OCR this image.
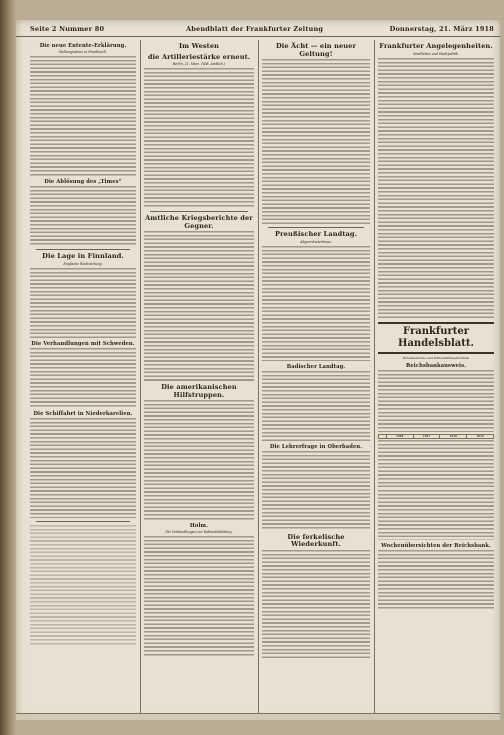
Seite 2 Nummer 80	Abendblatt der Frankfurter Zeitung	Donnerstag, 21. März 1918
Die neue Entente-Erklärung.
Stellungnahme in Frankreich.
Die Ablösung des „Times“
Die Lage in Finnland.
Englische Rückwirkung.
Die Verhandlungen mit Schweden.
Die Schiffahrt in Niederkarelien.
Im Westen
die Artilleriestärke erneut.
Berlin, 21. März. (W.B. Amtlich.)
Amtliche Kriegsberichte der Gegner.
Die amerikanischen Hilfstruppen.
Holm.
Die Verhandlungen zur Kabinettsbildung.
Die Ächt — ein neuer Geltung!
Preußischer Landtag.
Abgeordnetenhaus.
Badischer Landtag.
Die Lehrerfrage in Oberbaden.
Die ferkelische Wiederkunft.
Frankfurter Angelegenheiten.
Stadtleben und Stadtpolitik.
Frankfurter Handelsblatt.
Börsenberichte und Wirtschaftsnachrichten
Reichsbankausweis.
	1918	1917	1916	1915
Wochenübersichten der Reichsbank.
